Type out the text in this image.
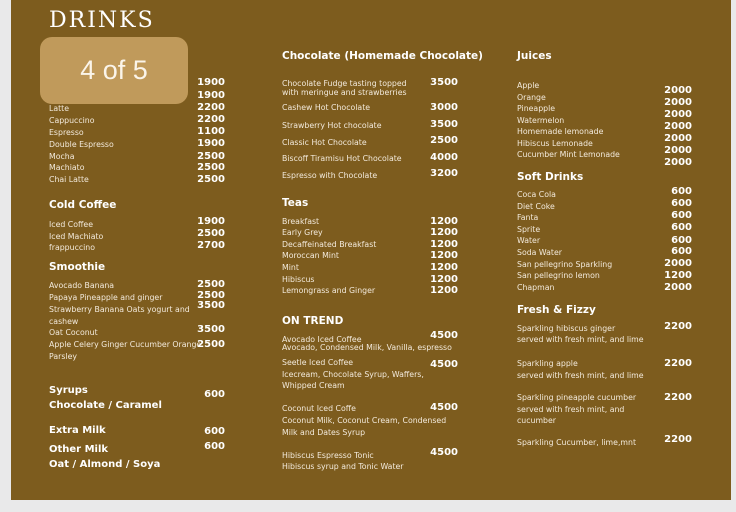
DRINKS
Latte
Cappuccino
Espresso
Double Espresso
Mocha
Machiato
Chai Latte
1900
1900
2200
2200
1100
1900
2500
2500
2500
4 of 5
Cold Coffee
Iced Coffee
Iced Machiato
frappuccino
1900
2500
2700
Smoothie
Avocado Banana
Papaya Pineapple and ginger
Strawberry Banana Oats yogurt and
cashew
Oat Coconut
Apple Celery Ginger Cucumber Orange
Parsley
2500
2500
3500
3500
2500
Syrups
Chocolate / Caramel
600
Extra Milk	600
Other Milk
Oat / Almond / Soya
600
Chocolate (Homemade Chocolate)
Chocolate Fudge tasting topped
with meringue and strawberries
Cashew Hot Chocolate
Strawberry Hot chocolate
Classic Hot Chocolate
Biscoff Tiramisu Hot Chocolate
Espresso with Chocolate
3500
3000
3500
2500
4000
3200
Teas
Breakfast
Early Grey
Decaffeinated Breakfast
Moroccan Mint
Mint
Hibiscus
Lemongrass and Ginger
1200
1200
1200
1200
1200
1200
1200
ON TREND
Avocado Iced Coffee
Avocado, Condensed Milk, Vanilla, espresso
4500
Seetle Iced Coffee
Icecream, Chocolate Syrup, Waffers,
Whipped Cream
4500
Coconut Iced Coffe
Coconut Milk, Coconut Cream, Condensed
Milk and Dates Syrup
4500
Hibiscus Espresso Tonic
Hibiscus syrup and Tonic Water
4500
Juices
Apple
Orange
Pineapple
Watermelon
Homemade lemonade
Hibiscus Lemonade
Cucumber Mint Lemonade
2000
2000
2000
2000
2000
2000
2000
Soft Drinks
Coca Cola
Diet Coke
Fanta
Sprite
Water
Soda Water
San pellegrino Sparkling
San pellegrino lemon
Chapman
600
600
600
600
600
600
2000
1200
2000
Fresh & Fizzy
Sparkling hibiscus ginger
served with fresh mint, and lime
2200
Sparkling apple
served with fresh mint, and lime
2200
Sparkling pineapple cucumber
served with fresh mint, and
cucumber
2200
Sparkling Cucumber, lime,mnt	2200
